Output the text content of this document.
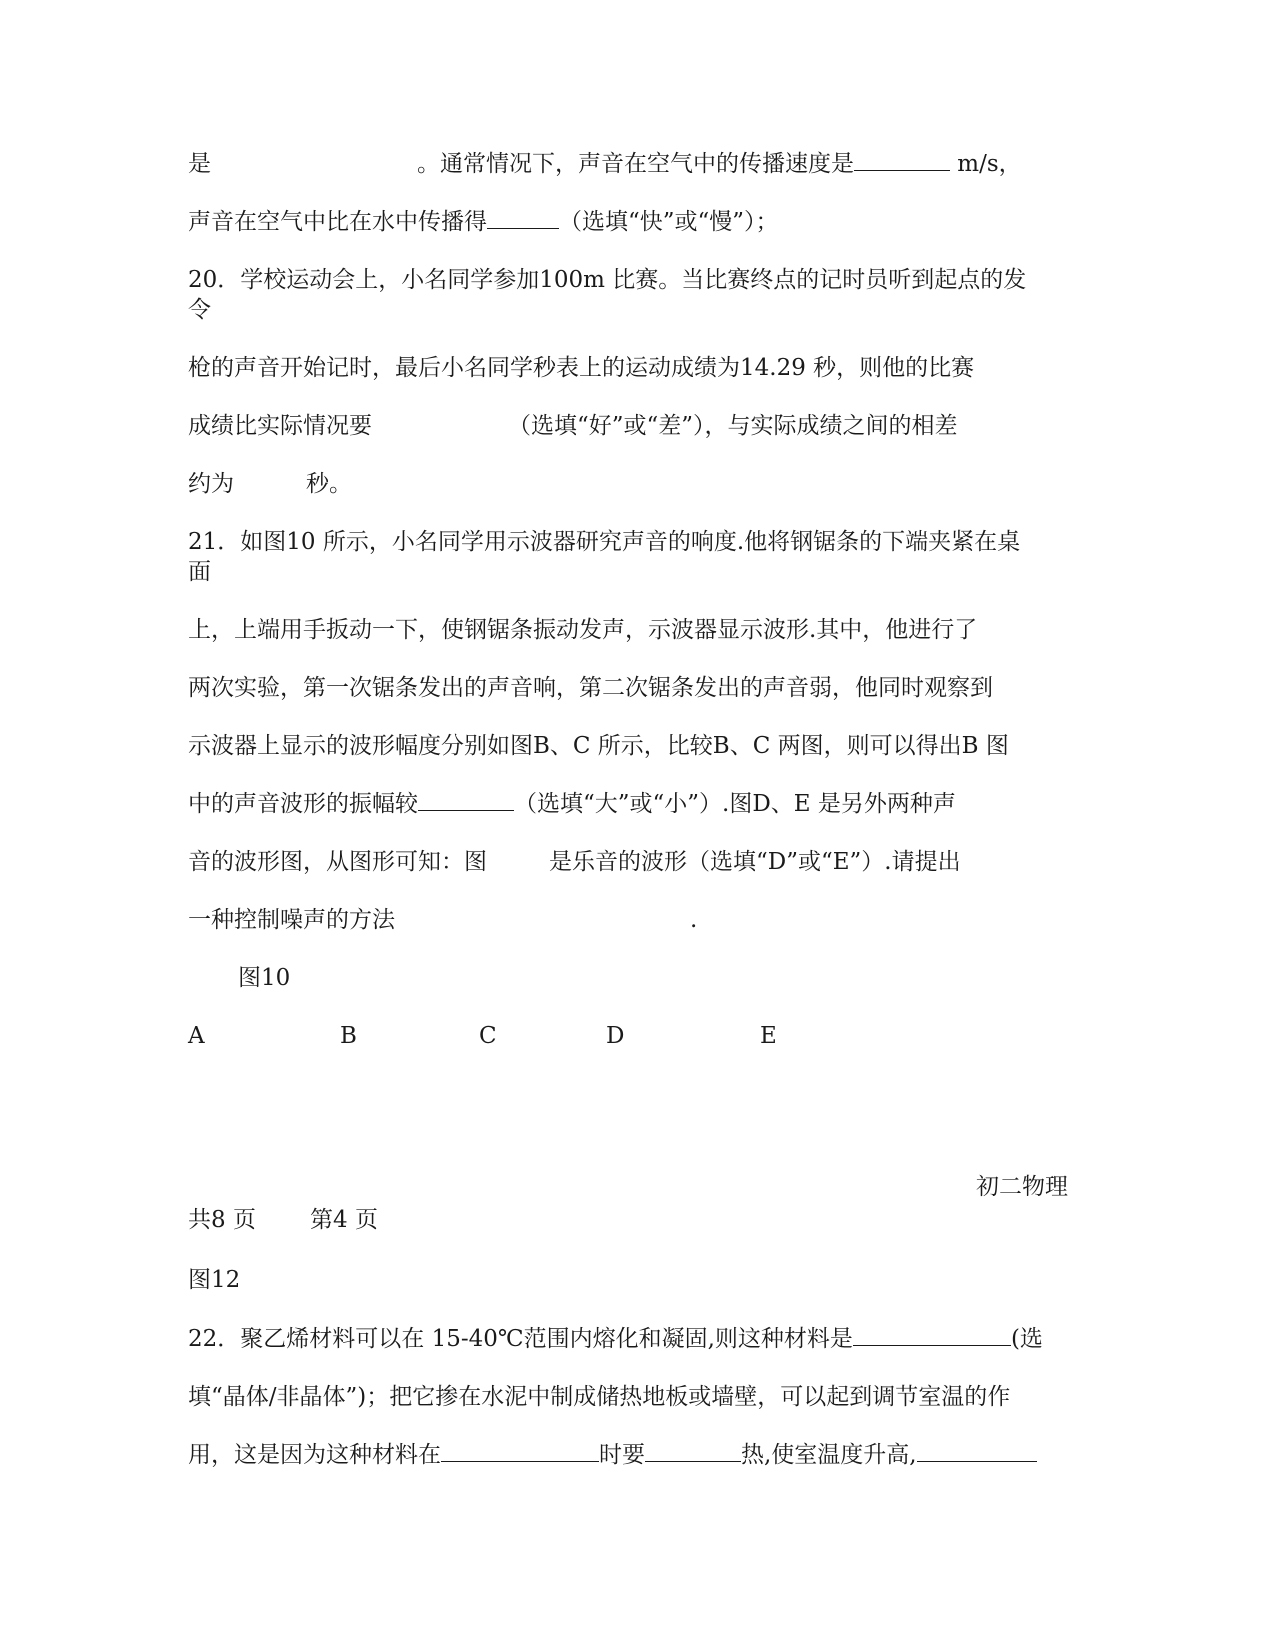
是	。通常情况下，声音在空气中的传播速度是	m/s，
声音在空气中比在水中传播得	（选填“快”或“慢”）；
20．学校运动会上，小名同学参加100m 比赛。当比赛终点的记时员听到起点的发
令
枪的声音开始记时，最后小名同学秒表上的运动成绩为14.29 秒，则他的比赛
成绩比实际情况要	（选填“好”或“差”），与实际成绩之间的相差
约为	秒。
21．如图10 所示，小名同学用示波器研究声音的响度.他将钢锯条的下端夹紧在桌
面
上，上端用手扳动一下，使钢锯条振动发声，示波器显示波形.其中，他进行了
两次实验，第一次锯条发出的声音响，第二次锯条发出的声音弱，他同时观察到
示波器上显示的波形幅度分别如图B、C 所示，比较B、C 两图，则可以得出B 图
中的声音波形的振幅较	（选填“大”或“小”）.图D、E 是另外两种声
音的波形图，从图形可知：图	是乐音的波形（选填“D”或“E”）.请提出
一种控制噪声的方法	.
图10
A	B	C	D	E
初二物理
共8 页 第4 页
图12
22．聚乙烯材料可以在 15-40℃范围内熔化和凝固,则这种材料是	(选
填“晶体/非晶体”)；把它掺在水泥中制成储热地板或墙壁，可以起到调节室温的作
用，这是因为这种材料在	时要	热,使室温度升高,
